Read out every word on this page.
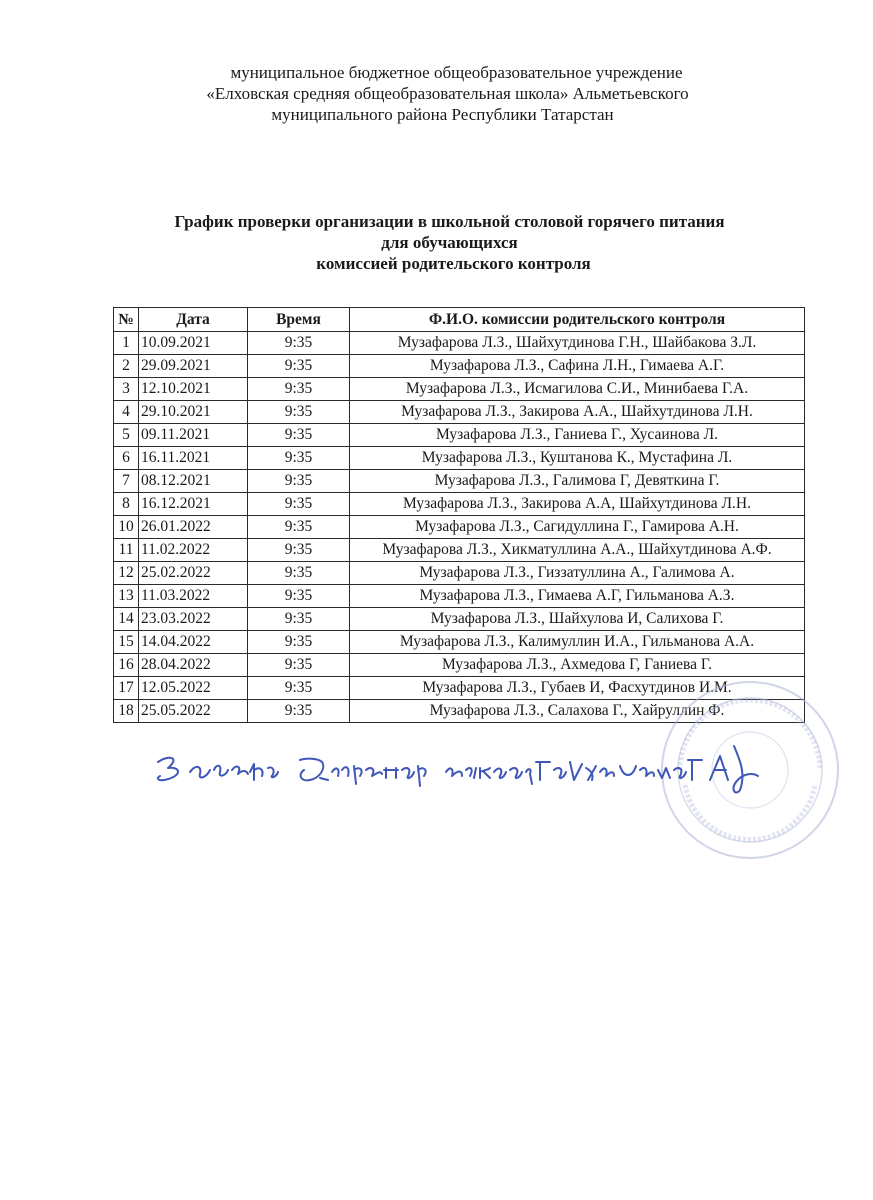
муниципальное бюджетное общеобразовательное учреждение
«Елховская средняя общеобразовательная школа» Альметьевского
муниципального района Республики Татарстан
График проверки организации в школьной столовой горячего питания
для обучающихся
комиссией родительского контроля
№	Дата	Время	Ф.И.О. комиссии родительского контроля
1	10.09.2021	9:35	Музафарова Л.З., Шайхутдинова Г.Н., Шайбакова З.Л.
2	29.09.2021	9:35	Музафарова Л.З., Сафина Л.Н., Гимаева А.Г.
3	12.10.2021	9:35	Музафарова Л.З., Исмагилова С.И., Минибаева Г.А.
4	29.10.2021	9:35	Музафарова Л.З., Закирова А.А., Шайхутдинова Л.Н.
5	09.11.2021	9:35	Музафарова Л.З., Ганиева Г., Хусаинова Л.
6	16.11.2021	9:35	Музафарова Л.З., Куштанова К., Мустафина Л.
7	08.12.2021	9:35	Музафарова Л.З., Галимова Г, Девяткина Г.
8	16.12.2021	9:35	Музафарова Л.З., Закирова А.А, Шайхутдинова Л.Н.
10	26.01.2022	9:35	Музафарова Л.З., Сагидуллина Г., Гамирова А.Н.
11	11.02.2022	9:35	Музафарова Л.З., Хикматуллина А.А., Шайхутдинова А.Ф.
12	25.02.2022	9:35	Музафарова Л.З., Гиззатуллина А., Галимова А.
13	11.03.2022	9:35	Музафарова Л.З., Гимаева А.Г, Гильманова А.З.
14	23.03.2022	9:35	Музафарова Л.З., Шайхулова И, Салихова Г.
15	14.04.2022	9:35	Музафарова Л.З., Калимуллин И.А., Гильманова А.А.
16	28.04.2022	9:35	Музафарова Л.З., Ахмедова Г, Ганиева Г.
17	12.05.2022	9:35	Музафарова Л.З., Губаев И, Фасхутдинов И.М.
18	25.05.2022	9:35	Музафарова Л.З., Салахова Г., Хайруллин Ф.
